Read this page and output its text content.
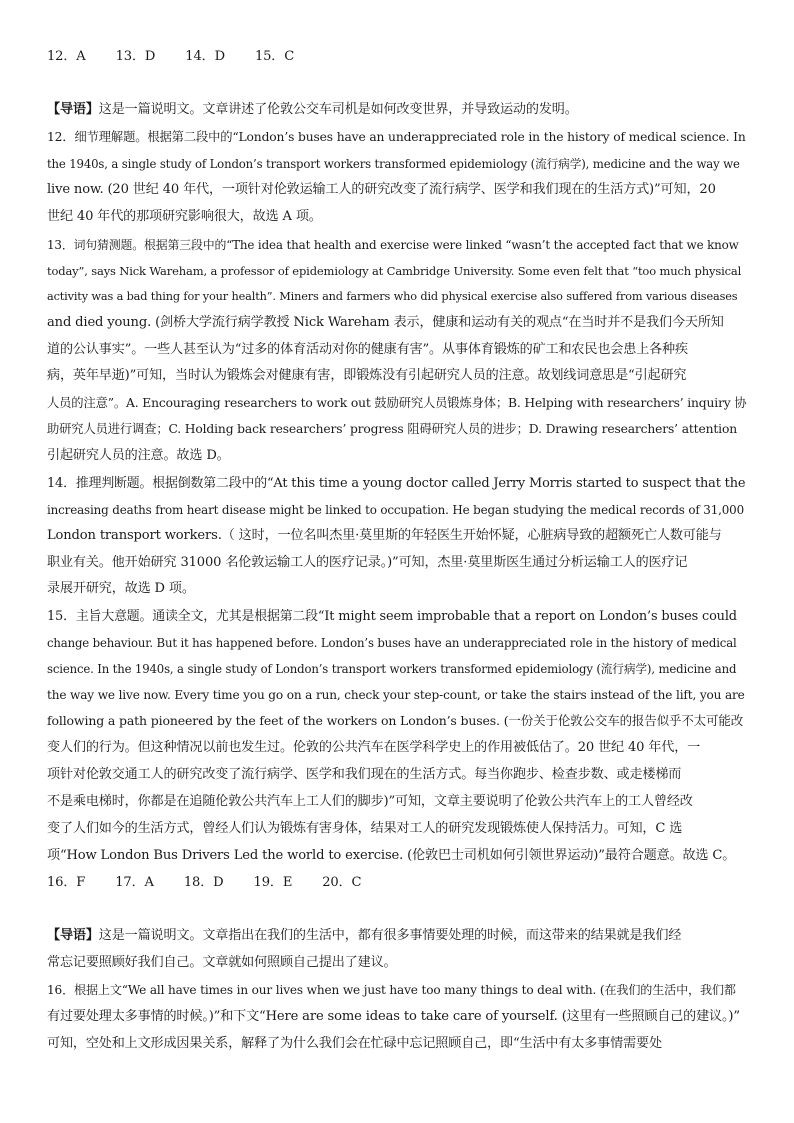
12．A 13．D 14．D 15．C
【导语】这是一篇说明文。文章讲述了伦敦公交车司机是如何改变世界，并导致运动的发明。
12．细节理解题。根据第二段中的“London’s buses have an underappreciated role in the history of medical science. In
the 1940s, a single study of London’s transport workers transformed epidemiology (流行病学), medicine and the way we
live now. (20 世纪 40 年代，一项针对伦敦运输工人的研究改变了流行病学、医学和我们现在的生活方式)”可知，20
世纪 40 年代的那项研究影响很大，故选 A 项。
13．词句猜测题。根据第三段中的“The idea that health and exercise were linked “wasn’t the accepted fact that we know
today”, says Nick Wareham, a professor of epidemiology at Cambridge University. Some even felt that “too much physical
activity was a bad thing for your health”. Miners and farmers who did physical exercise also suffered from various diseases
and died young. (剑桥大学流行病学教授 Nick Wareham 表示，健康和运动有关的观点“在当时并不是我们今天所知
道的公认事实”。一些人甚至认为“过多的体育活动对你的健康有害”。从事体育锻炼的矿工和农民也会患上各种疾
病，英年早逝)”可知，当时认为锻炼会对健康有害，即锻炼没有引起研究人员的注意。故划线词意思是“引起研究
人员的注意”。A. Encouraging researchers to work out 鼓励研究人员锻炼身体；B. Helping with researchers’ inquiry 协
助研究人员进行调查；C. Holding back researchers’ progress 阻碍研究人员的进步；D. Drawing researchers’ attention
引起研究人员的注意。故选 D。
14．推理判断题。根据倒数第二段中的“At this time a young doctor called Jerry Morris started to suspect that the
increasing deaths from heart disease might be linked to occupation. He began studying the medical records of 31,000
London transport workers.（ 这时，一位名叫杰里·莫里斯的年轻医生开始怀疑，心脏病导致的超额死亡人数可能与
职业有关。他开始研究 31000 名伦敦运输工人的医疗记录。)”可知，杰里·莫里斯医生通过分析运输工人的医疗记
录展开研究，故选 D 项。
15．主旨大意题。通读全文，尤其是根据第二段“It might seem improbable that a report on London’s buses could
change behaviour. But it has happened before. London’s buses have an underappreciated role in the history of medical
science. In the 1940s, a single study of London’s transport workers transformed epidemiology (流行病学), medicine and
the way we live now. Every time you go on a run, check your step-count, or take the stairs instead of the lift, you are
following a path pioneered by the feet of the workers on London’s buses. (一份关于伦敦公交车的报告似乎不太可能改
变人们的行为。但这种情况以前也发生过。伦敦的公共汽车在医学科学史上的作用被低估了。20 世纪 40 年代，一
项针对伦敦交通工人的研究改变了流行病学、医学和我们现在的生活方式。每当你跑步、检查步数、或走楼梯而
不是乘电梯时，你都是在追随伦敦公共汽车上工人们的脚步)”可知，文章主要说明了伦敦公共汽车上的工人曾经改
变了人们如今的生活方式，曾经人们认为锻炼有害身体，结果对工人的研究发现锻炼使人保持活力。可知，C 选
项“How London Bus Drivers Led the world to exercise. (伦敦巴士司机如何引领世界运动)”最符合题意。故选 C。
16．F 17．A 18．D 19．E 20．C
【导语】这是一篇说明文。文章指出在我们的生活中，都有很多事情要处理的时候，而这带来的结果就是我们经
常忘记要照顾好我们自己。文章就如何照顾自己提出了建议。
16．根据上文“We all have times in our lives when we just have too many things to deal with. (在我们的生活中，我们都
有过要处理太多事情的时候。)”和下文“Here are some ideas to take care of yourself. (这里有一些照顾自己的建议。)”
可知，空处和上文形成因果关系，解释了为什么我们会在忙碌中忘记照顾自己，即“生活中有太多事情需要处
